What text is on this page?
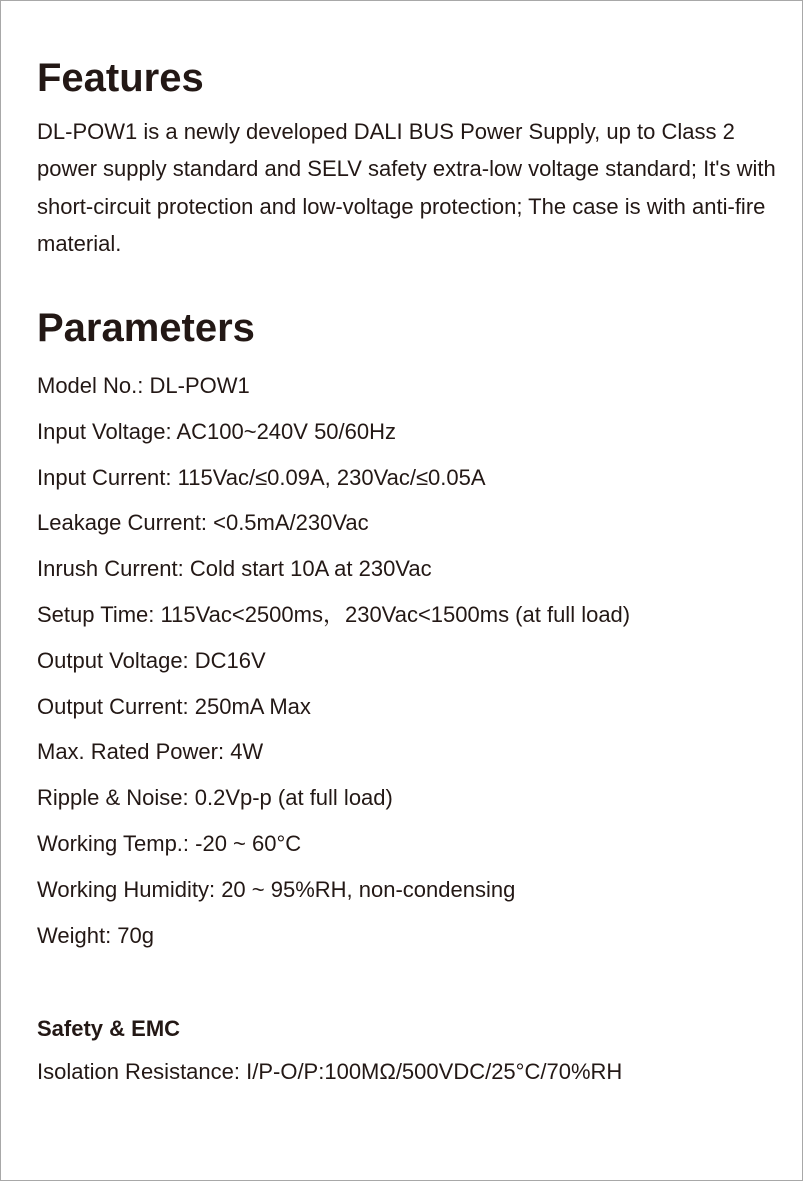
Features

DL-POW1 is a newly developed DALI BUS Power Supply, up to Class 2 power supply standard and SELV safety extra-low voltage standard; It's with short-circuit protection and low-voltage protection; The case is with anti-fire material.

Parameters
Model No.: DL-POW1
Input Voltage: AC100~240V 50/60Hz
Input Current: 115Vac/≤0.09A, 230Vac/≤0.05A
Leakage Current: <0.5mA/230Vac
Inrush Current: Cold start 10A at 230Vac
Setup Time: 115Vac<2500ms，230Vac<1500ms (at full load)
Output Voltage: DC16V
Output Current: 250mA Max
Max. Rated Power: 4W
Ripple & Noise: 0.2Vp-p (at full load)
Working Temp.: -20 ~ 60°C
Working Humidity: 20 ~ 95%RH, non-condensing
Weight: 70g
Safety & EMC

Isolation Resistance: I/P-O/P:100MΩ/500VDC/25°C/70%RH
